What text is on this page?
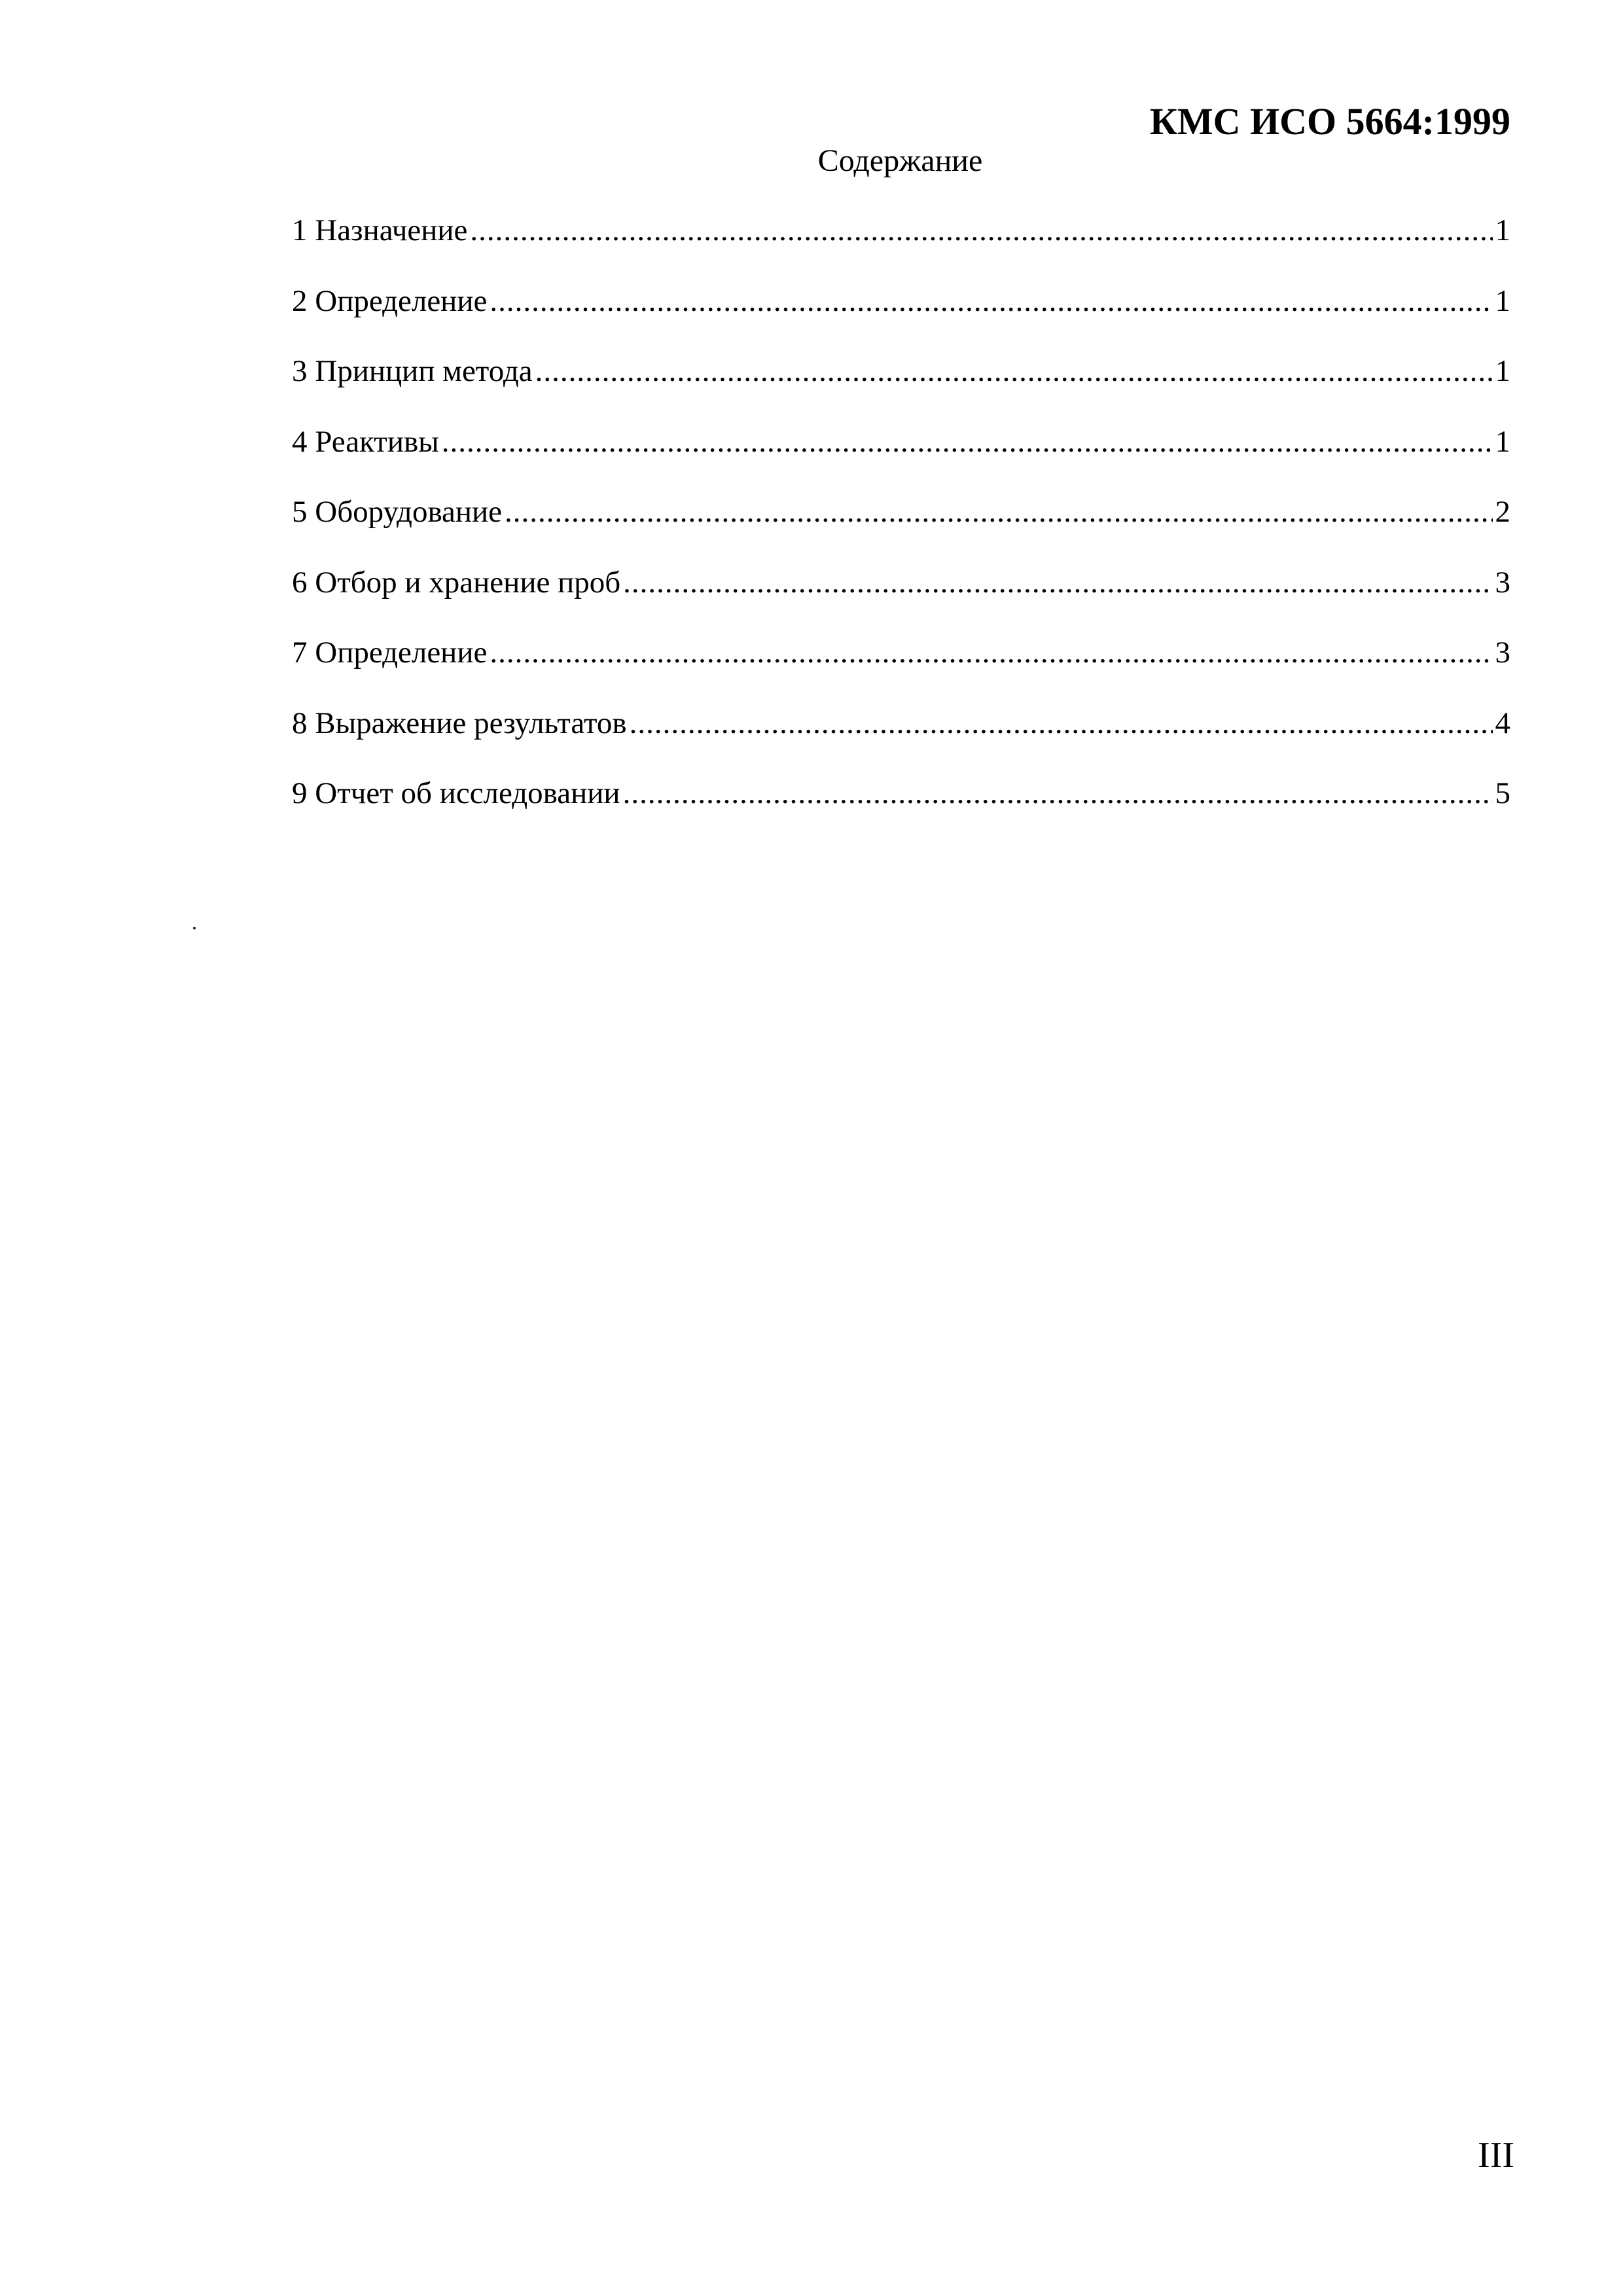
КМС ИСО 5664:1999
Содержание
1 Назначение .....	1
2 Определение .....	1
3 Принцип метода .....	1
4 Реактивы .....	1
5 Оборудование .....	2
6 Отбор и хранение проб .....	3
7 Определение .....	3
8 Выражение результатов .....	4
9 Отчет об исследовании .....	5
III
